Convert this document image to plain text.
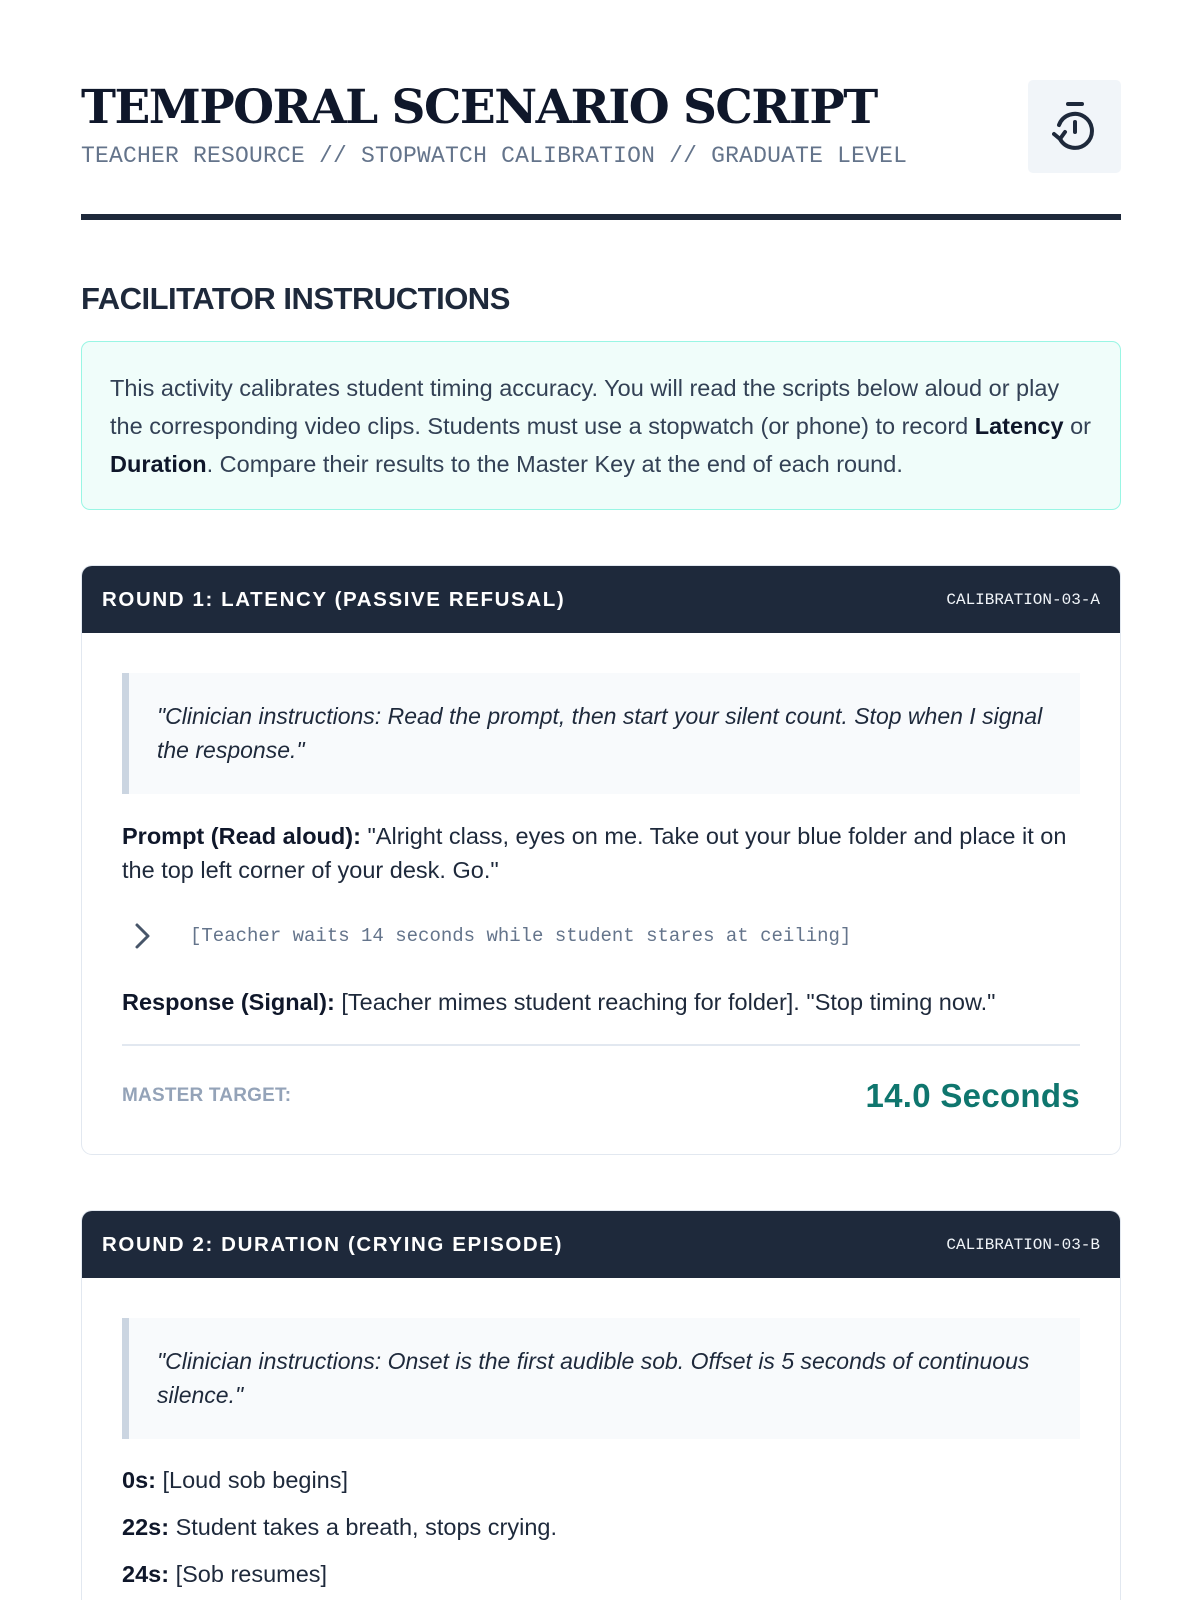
TEMPORAL SCENARIO SCRIPT
TEACHER RESOURCE // STOPWATCH CALIBRATION // GRADUATE LEVEL
FACILITATOR INSTRUCTIONS
This activity calibrates student timing accuracy. You will read the scripts below aloud or play the corresponding video clips. Students must use a stopwatch (or phone) to record Latency or Duration. Compare their results to the Master Key at the end of each round.
ROUND 1: LATENCY (PASSIVE REFUSAL)	CALIBRATION-03-A
"Clinician instructions: Read the prompt, then start your silent count. Stop when I signal the response."
Prompt (Read aloud): "Alright class, eyes on me. Take out your blue folder and place it on the top left corner of your desk. Go."
[Teacher waits 14 seconds while student stares at ceiling]
Response (Signal): [Teacher mimes student reaching for folder]. "Stop timing now."
MASTER TARGET:	14.0 Seconds
ROUND 2: DURATION (CRYING EPISODE)	CALIBRATION-03-B
"Clinician instructions: Onset is the first audible sob. Offset is 5 seconds of continuous silence."
0s: [Loud sob begins]
22s: Student takes a breath, stops crying.
24s: [Sob resumes]
